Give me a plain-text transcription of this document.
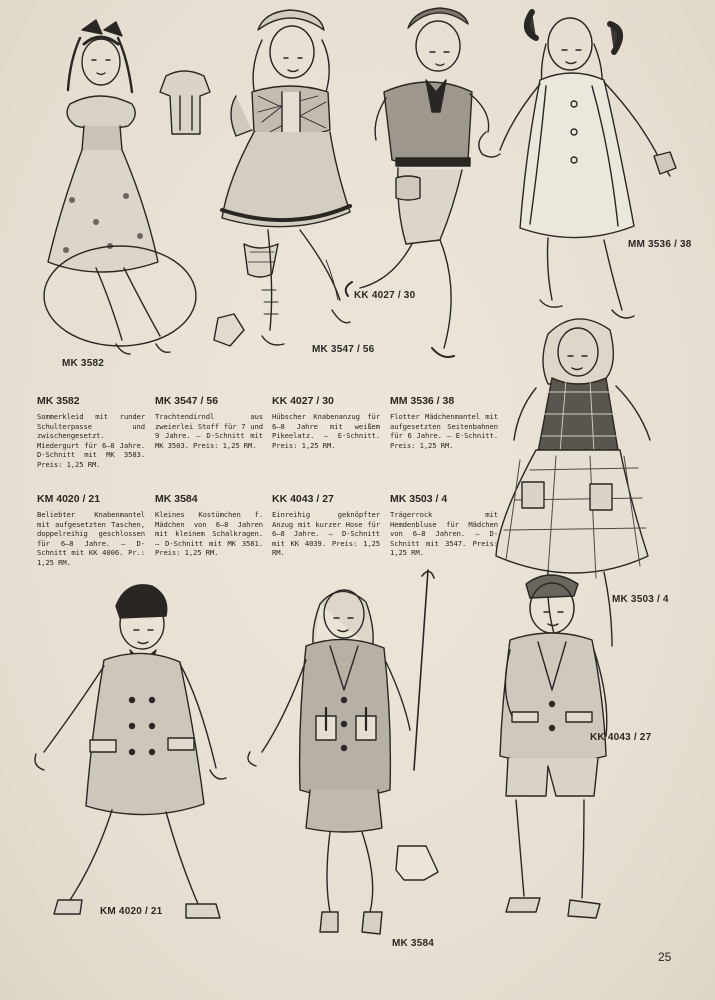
MK 3582
MK 3547 / 56
KK 4027 / 30
MM 3536 / 38
MK 3503 / 4
KK 4043 / 27
KM 4020 / 21
MK 3584
MK 3582
Sommerkleid mit runder Schulterpasse und zwischengesetzt. Miedergurt für 6—8 Jahre. D-Schnitt mit MK 3583. Preis: 1,25 RM.
MK 3547 / 56
Trachtendirndl aus zweierlei Stoff für 7 und 9 Jahre. — D-Schnitt mit MK 3503. Preis: 1,25 RM.
KK 4027 / 30
Hübscher Knabenanzug für 6—8 Jahre mit weißem Pikeelatz. — E-Schnitt. Preis: 1,25 RM.
MM 3536 / 38
Flotter Mädchenmantel mit aufgesetzten Seitenbahnen für 6 Jahre. — E-Schnitt. Preis: 1,25 RM.
KM 4020 / 21
Beliebter Knabenmantel mit aufgesetzten Taschen, doppelreihig geschlossen für 6—8 Jahre. — D-Schnitt mit KK 4006. Pr.: 1,25 RM.
MK 3584
Kleines Kostümchen f. Mädchen von 6—8 Jahren mit kleinem Schalkragen. — D-Schnitt mit MK 3581. Preis: 1,25 RM.
KK 4043 / 27
Einreihig geknöpfter Anzug mit kurzer Hose für 6—8 Jahre. — D-Schnitt mit KK 4039. Preis: 1,25 RM.
MK 3503 / 4
Trägerrock mit Hemdenbluse für Mädchen von 6—8 Jahren. — D-Schnitt mit 3547. Preis: 1,25 RM.
25
